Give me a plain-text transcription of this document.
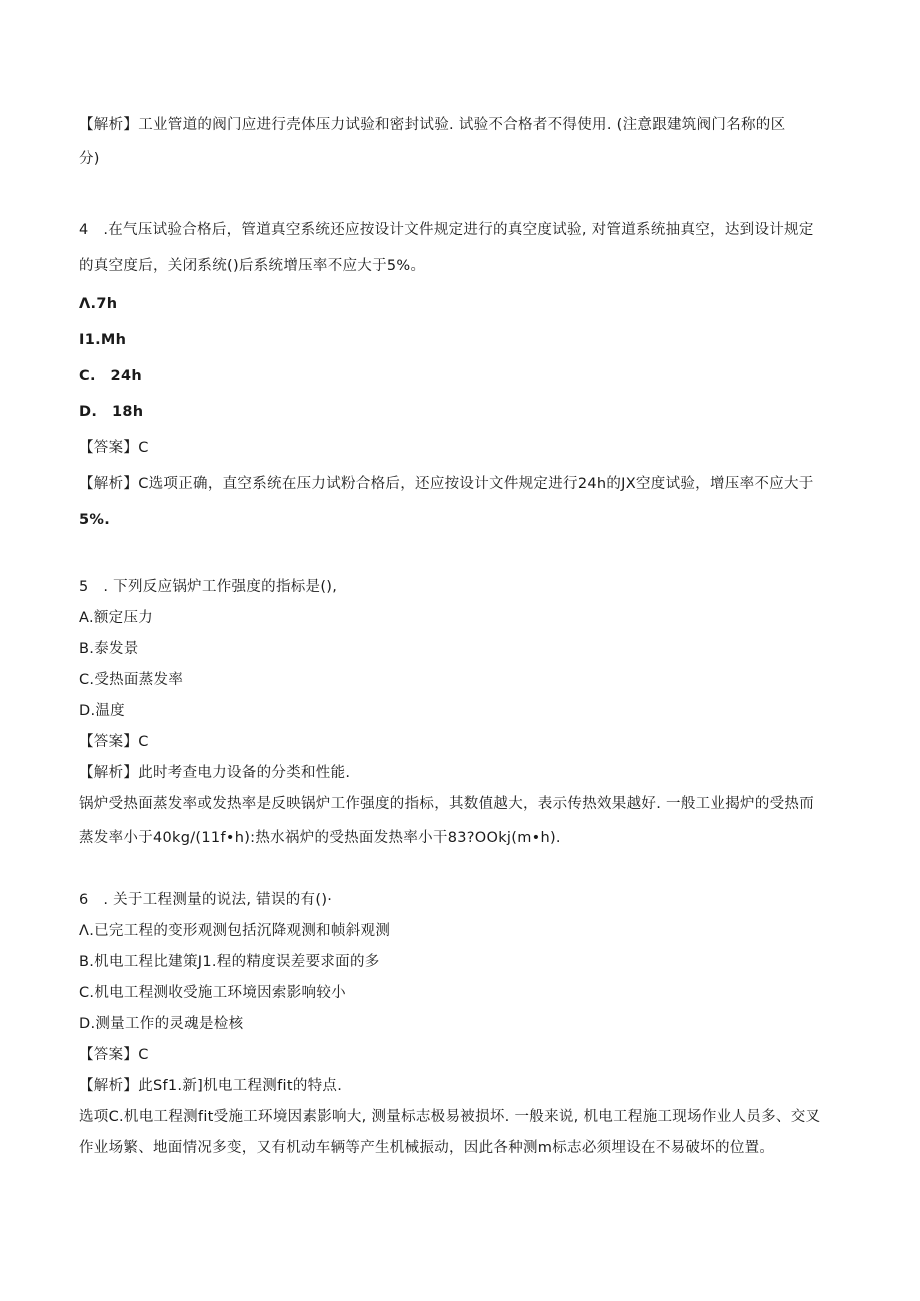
【解析】工业管道的阀门应进行壳体压力试验和密封试验. 试验不合格者不得使用. (注意跟建筑阀门名称的区
分)
4　.在气压试验合格后，管道真空系统还应按设计文件规定进行的真空度试验, 对管道系统抽真空，达到设计规定
的真空度后，关闭系统()后系统增压率不应大于5%。
Λ.7h
I1.Mh
C.　24h
D.　18h
【答案】C
【解析】C选项正确，直空系统在压力试粉合格后，还应按设计文件规定进行24h的JX空度试验，增压率不应大于
5%.
5　. 下列反应锅炉工作强度的指标是(),
A.额定压力
B.泰发景
C.受热面蒸发率
D.温度
【答案】C
【解析】此时考查电力设备的分类和性能.
锅炉受热面蒸发率或发热率是反映锅炉工作强度的指标，其数值越大，表示传热效果越好. 一般工业揭炉的受热而
蒸发率小于40kg/(11f•h):热水祸炉的受热面发热率小干83?OOkj(m•h).
6　. 关于工程测量的说法, 错误的有()·
Λ.已完工程的变形观测包括沉降观测和帧斜观测
B.机电工程比建策J1.程的精度误差要求面的多
C.机电工程测收受施工环境因索影响较小
D.测量工作的灵魂是检核
【答案】C
【解析】此Sf1.新]机电工程测fit的特点.
选项C.机电工程测fit受施工环境因素影响大, 测量标志极易被损坏. 一般来说, 机电工程施工现场作业人员多、交叉
作业场繁、地面情况多变，又有机动车辆等产生机械振动，因此各种测m标志必须埋设在不易破坏的位置。
